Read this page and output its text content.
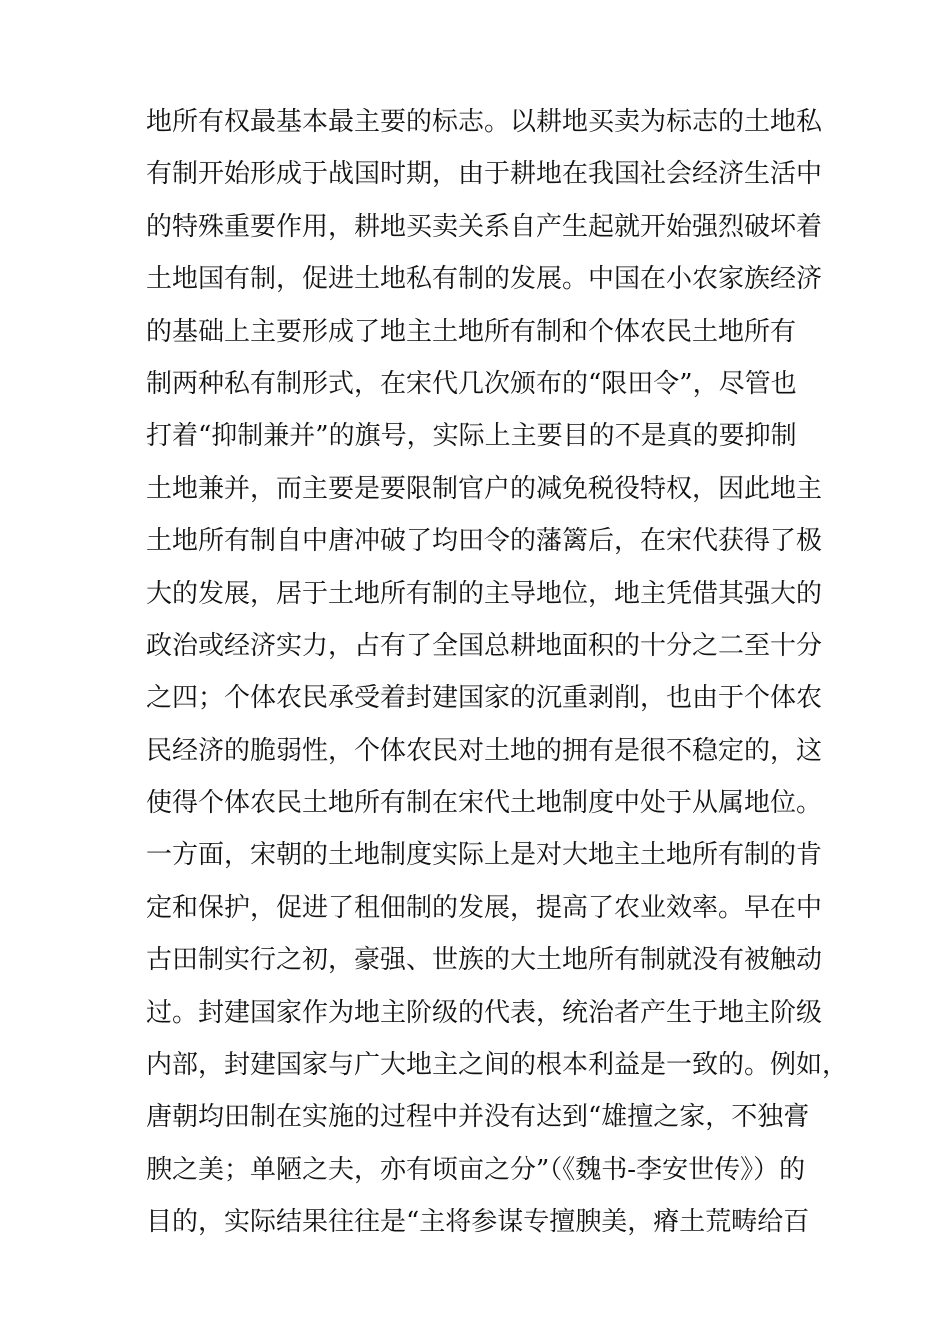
地所有权最基本最主要的标志。以耕地买卖为标志的土地私
有制开始形成于战国时期，由于耕地在我国社会经济生活中
的特殊重要作用，耕地买卖关系自产生起就开始强烈破坏着
土地国有制，促进土地私有制的发展。中国在小农家族经济
的基础上主要形成了地主土地所有制和个体农民土地所有
制两种私有制形式，在宋代几次颁布的“限田令”，尽管也
打着“抑制兼并”的旗号，实际上主要目的不是真的要抑制
土地兼并，而主要是要限制官户的减免税役特权，因此地主
土地所有制自中唐冲破了均田令的藩篱后，在宋代获得了极
大的发展，居于土地所有制的主导地位，地主凭借其强大的
政治或经济实力，占有了全国总耕地面积的十分之二至十分
之四；个体农民承受着封建国家的沉重剥削，也由于个体农
民经济的脆弱性，个体农民对土地的拥有是很不稳定的，这
使得个体农民土地所有制在宋代土地制度中处于从属地位。
一方面，宋朝的土地制度实际上是对大地主土地所有制的肯
定和保护，促进了租佃制的发展，提高了农业效率。早在中
古田制实行之初，豪强、世族的大土地所有制就没有被触动
过。封建国家作为地主阶级的代表，统治者产生于地主阶级
内部，封建国家与广大地主之间的根本利益是一致的。例如，
唐朝均田制在实施的过程中并没有达到“雄擅之家，不独膏
腴之美；单陋之夫，亦有顷亩之分”（《魏书-李安世传》）的
目的，实际结果往往是“主将参谋专擅腴美，瘠土荒畴给百
